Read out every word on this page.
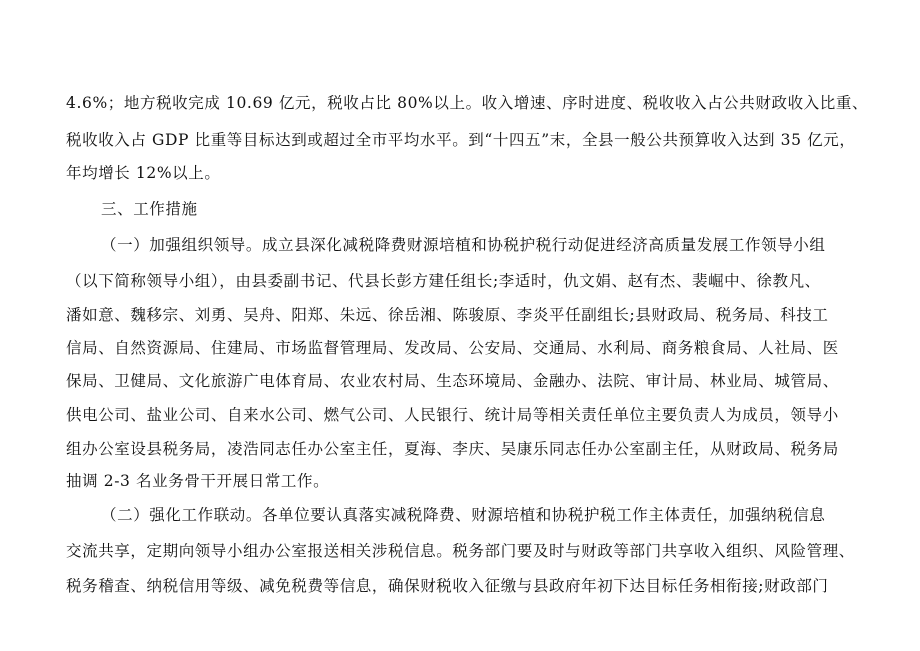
4.6%；地方税收完成 10.69 亿元，税收占比 80%以上。收入增速、序时进度、税收收入占公共财政收入比重、
税收收入占 GDP 比重等目标达到或超过全市平均水平。到“十四五”末，全县一般公共预算收入达到 35 亿元，
年均增长 12%以上。
三、工作措施
（一）加强组织领导。成立县深化减税降费财源培植和协税护税行动促进经济高质量发展工作领导小组
（以下简称领导小组），由县委副书记、代县长彭方建任组长;李适时，仇文娟、赵有杰、裴崛中、徐教凡、
潘如意、魏移宗、刘勇、吴舟、阳郑、朱远、徐岳湘、陈骏原、李炎平任副组长;县财政局、税务局、科技工
信局、自然资源局、住建局、市场监督管理局、发改局、公安局、交通局、水利局、商务粮食局、人社局、医
保局、卫健局、文化旅游广电体育局、农业农村局、生态环境局、金融办、法院、审计局、林业局、城管局、
供电公司、盐业公司、自来水公司、燃气公司、人民银行、统计局等相关责任单位主要负责人为成员，领导小
组办公室设县税务局，凌浩同志任办公室主任，夏海、李庆、吴康乐同志任办公室副主任，从财政局、税务局
抽调 2-3 名业务骨干开展日常工作。
（二）强化工作联动。各单位要认真落实减税降费、财源培植和协税护税工作主体责任，加强纳税信息
交流共享，定期向领导小组办公室报送相关涉税信息。税务部门要及时与财政等部门共享收入组织、风险管理、
税务稽查、纳税信用等级、减免税费等信息，确保财税收入征缴与县政府年初下达目标任务相衔接;财政部门
